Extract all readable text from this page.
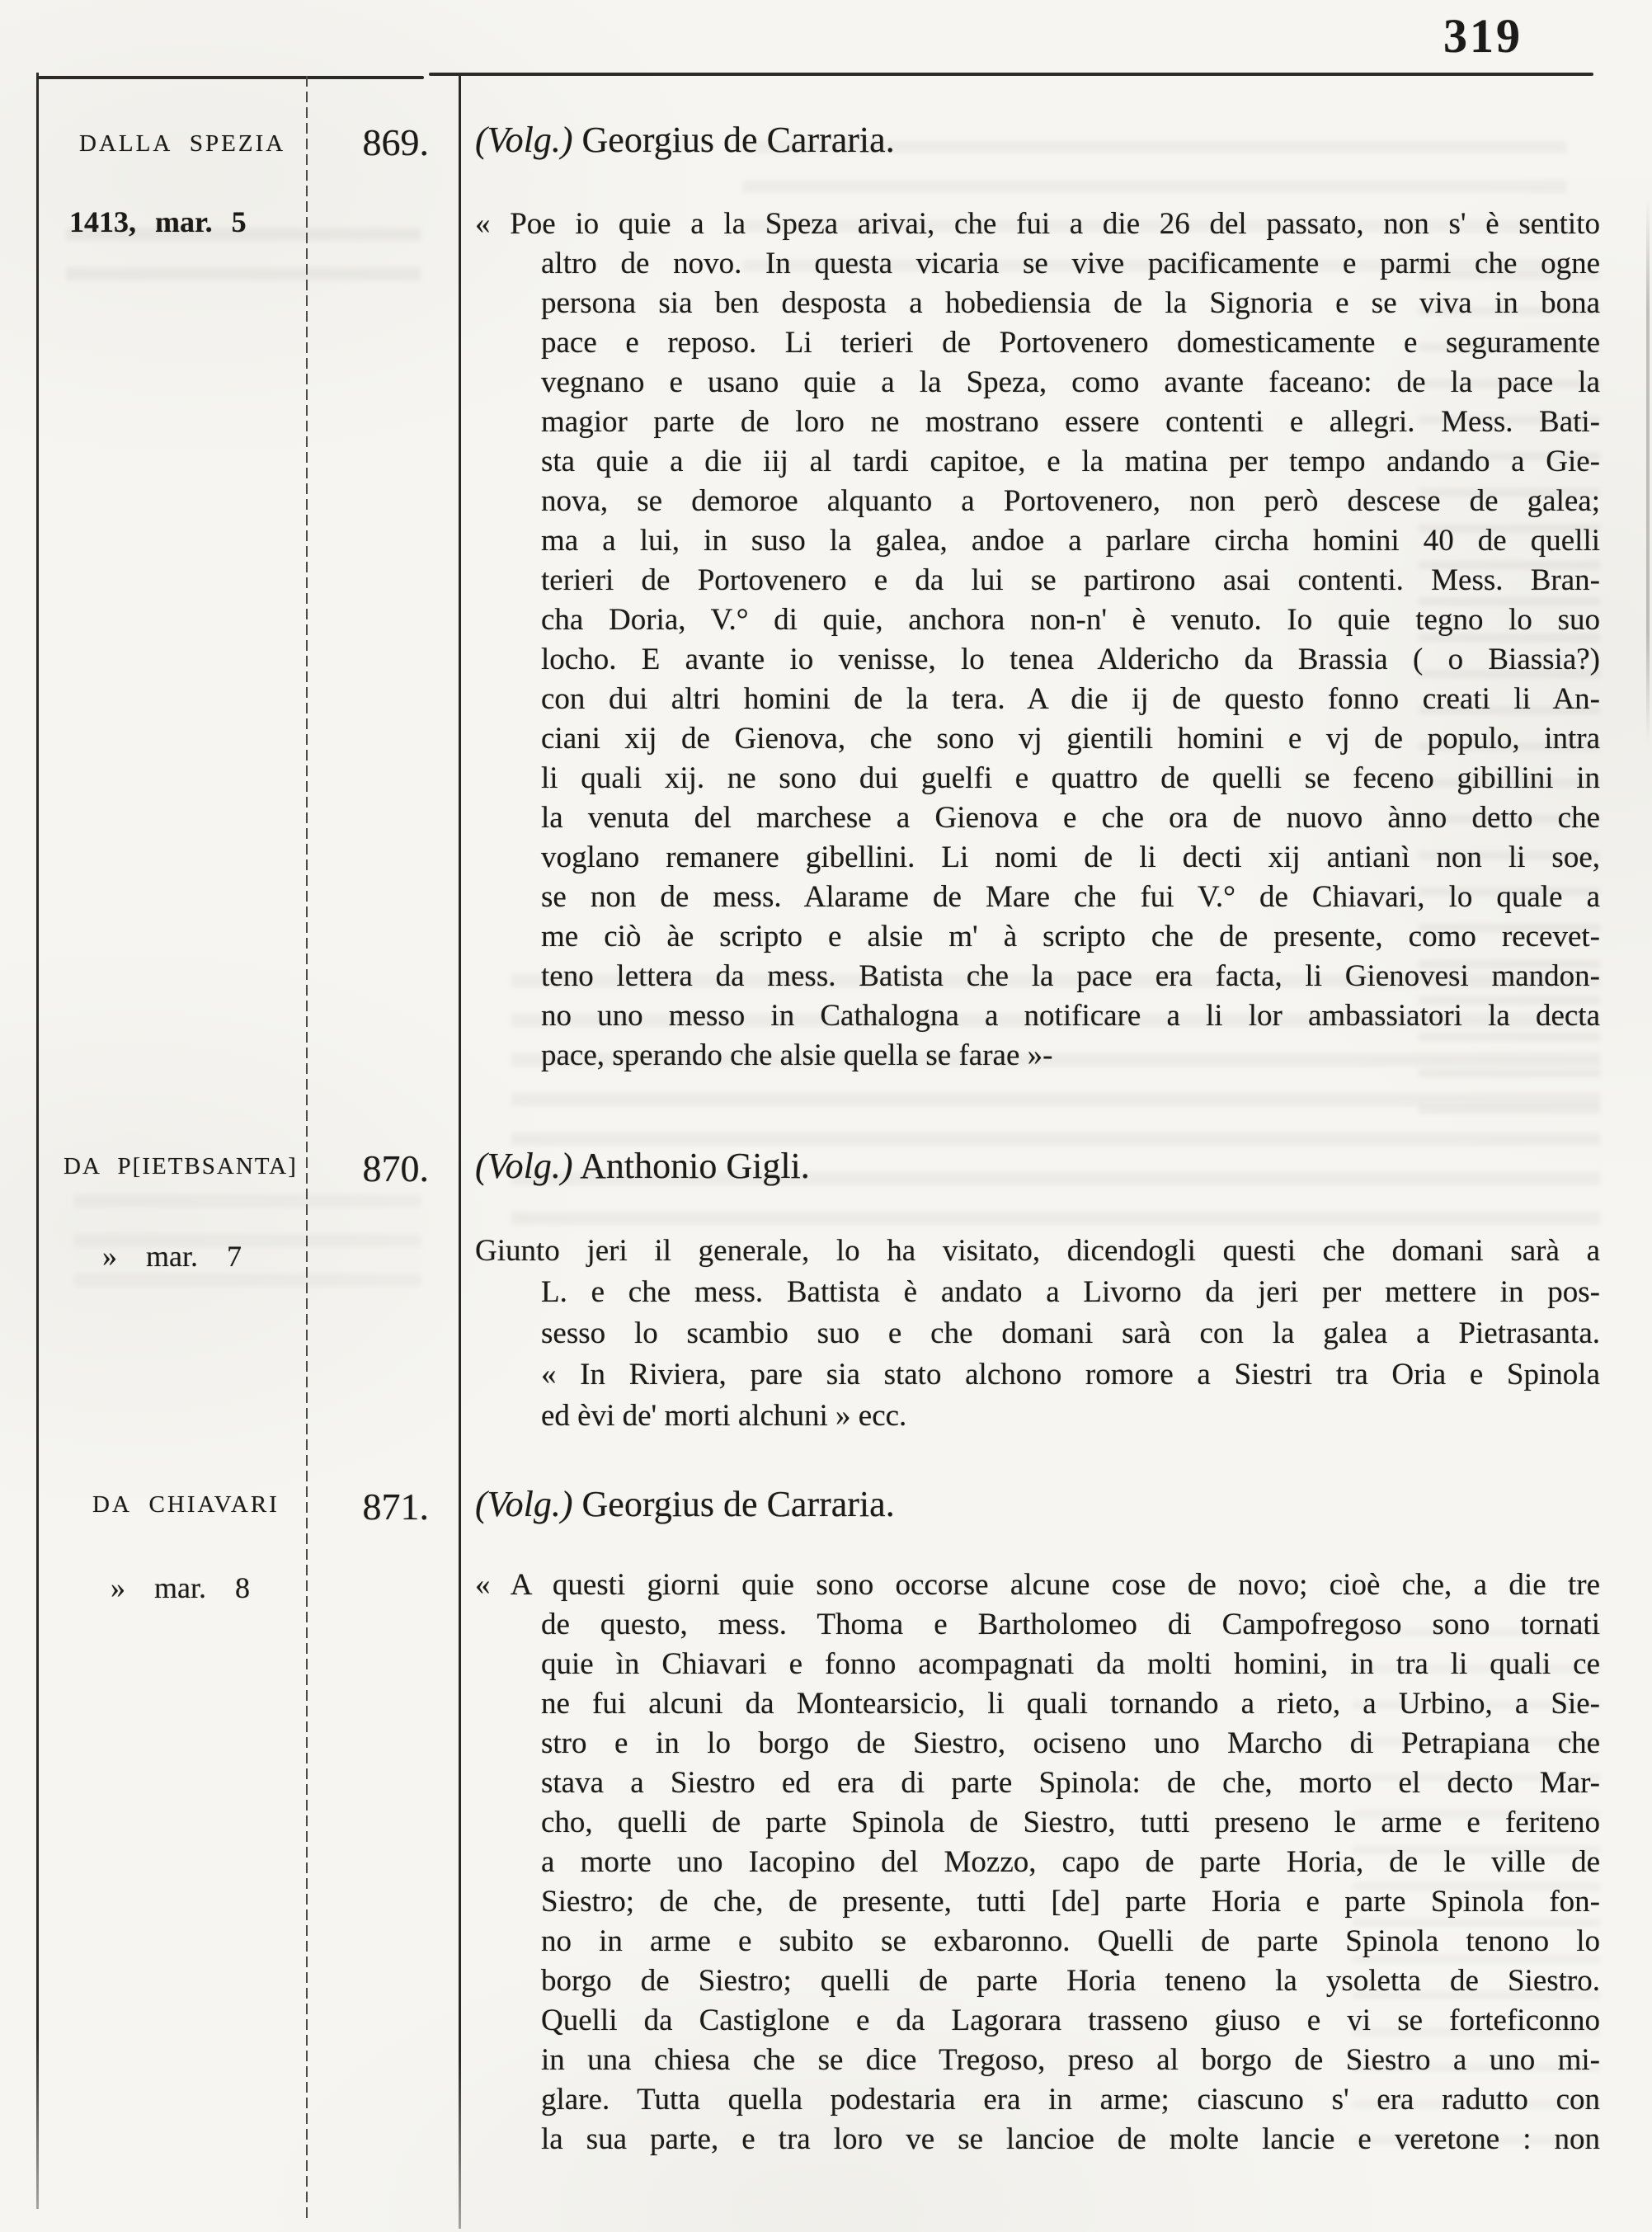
319
DALLA SPEZIA
1413, mar. 5
869. (Volg.) Georgius de Carraria.
« Poe io quie a la Speza arivai, che fui a die 26 del passato, non s' è sentito
altro de novo. In questa vicaria se vive pacificamente e parmi che ogne
persona sia ben desposta a hobediensia de la Signoria e se viva in bona
pace e reposo. Li terieri de Portovenero domesticamente e seguramente
vegnano e usano quie a la Speza, como avante faceano: de la pace la
magior parte de loro ne mostrano essere contenti e allegri. Mess. Bati-
sta quie a die iij al tardi capitoe, e la matina per tempo andando a Gie-
nova, se demoroe alquanto a Portovenero, non però descese de galea;
ma a lui, in suso la galea, andoe a parlare circha homini 40 de quelli
terieri de Portovenero e da lui se partirono asai contenti. Mess. Bran-
cha Doria, V.° di quie, anchora non-n' è venuto. Io quie tegno lo suo
locho. E avante io venisse, lo tenea Aldericho da Brassia ( o Biassia?)
con dui altri homini de la tera. A die ij de questo fonno creati li An-
ciani xij de Gienova, che sono vj gientili homini e vj de populo, intra
li quali xij. ne sono dui guelfi e quattro de quelli se feceno gibillini in
la venuta del marchese a Gienova e che ora de nuovo ànno detto che
voglano remanere gibellini. Li nomi de li decti xij antianì non li soe,
se non de mess. Alarame de Mare che fui V.° de Chiavari, lo quale a
me ciò àe scripto e alsie m' à scripto che de presente, como recevet-
teno lettera da mess. Batista che la pace era facta, li Gienovesi mandon-
no uno messo in Cathalogna a notificare a li lor ambassiatori la decta
pace, sperando che alsie quella se farae »-
DA P[IETBSANTA]
» mar. 7
870. (Volg.) Anthonio Gigli.
Giunto jeri il generale, lo ha visitato, dicendogli questi che domani sarà a
L. e che mess. Battista è andato a Livorno da jeri per mettere in pos-
sesso lo scambio suo e che domani sarà con la galea a Pietrasanta.
« In Riviera, pare sia stato alchono romore a Siestri tra Oria e Spinola
ed èvi de' morti alchuni » ecc.
DA CHIAVARI
» mar. 8
871. (Volg.) Georgius de Carraria.
« A questi giorni quie sono occorse alcune cose de novo; cioè che, a die tre
de questo, mess. Thoma e Bartholomeo di Campofregoso sono tornati
quie ìn Chiavari e fonno acompagnati da molti homini, in tra li quali ce
ne fui alcuni da Montearsicio, li quali tornando a rieto, a Urbino, a Sie-
stro e in lo borgo de Siestro, ociseno uno Marcho di Petrapiana che
stava a Siestro ed era di parte Spinola: de che, morto el decto Mar-
cho, quelli de parte Spinola de Siestro, tutti preseno le arme e feriteno
a morte uno Iacopino del Mozzo, capo de parte Horia, de le ville de
Siestro; de che, de presente, tutti [de] parte Horia e parte Spinola fon-
no in arme e subito se exbaronno. Quelli de parte Spinola tenono lo
borgo de Siestro; quelli de parte Horia teneno la ysoletta de Siestro.
Quelli da Castiglone e da Lagorara trasseno giuso e vi se forteficonno
in una chiesa che se dice Tregoso, preso al borgo de Siestro a uno mi-
glare. Tutta quella podestaria era in arme; ciascuno s' era radutto con
la sua parte, e tra loro ve se lancioe de molte lancie e veretone : non
